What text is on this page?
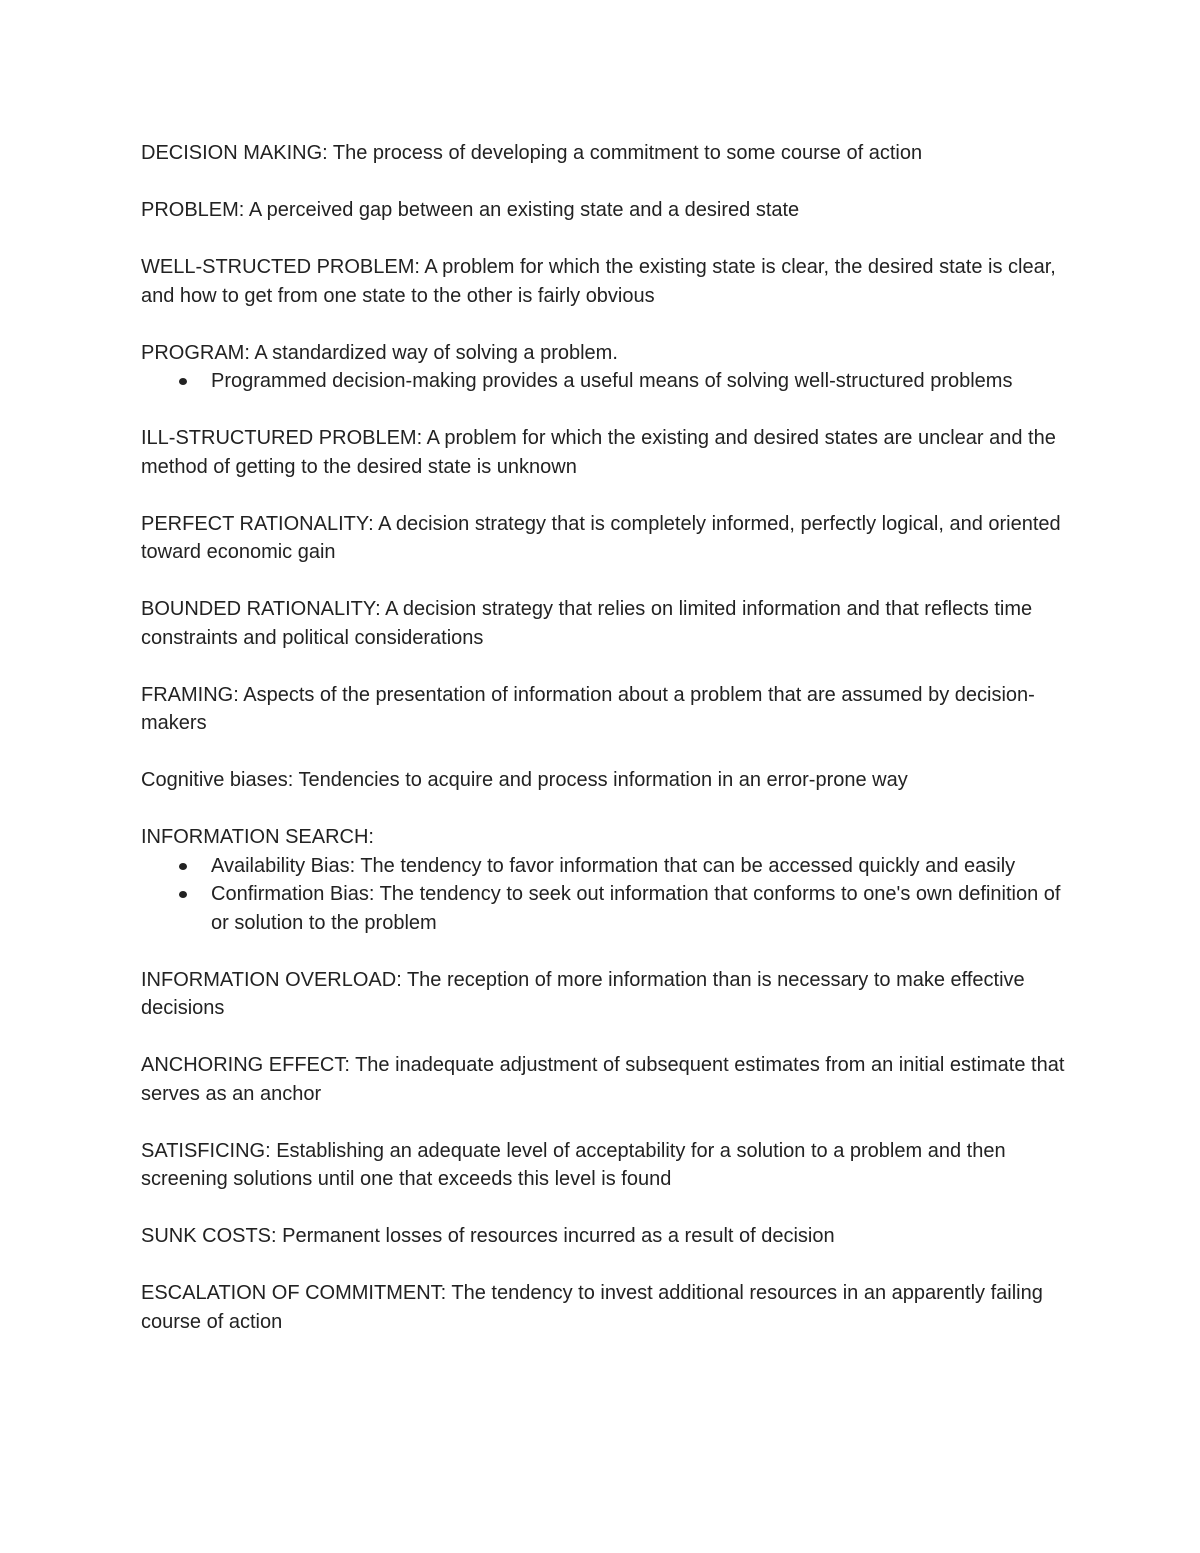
DECISION MAKING: The process of developing a commitment to some course of action

PROBLEM: A perceived gap between an existing state and a desired state

WELL-STRUCTED PROBLEM: A problem for which the existing state is clear, the desired state is clear, and how to get from one state to the other is fairly obvious

PROGRAM: A standardized way of solving a problem.

Programmed decision-making provides a useful means of solving well-structured problems

ILL-STRUCTURED PROBLEM: A problem for which the existing and desired states are unclear and the method of getting to the desired state is unknown

PERFECT RATIONALITY: A decision strategy that is completely informed, perfectly logical, and oriented toward economic gain

BOUNDED RATIONALITY: A decision strategy that relies on limited information and that reflects time constraints and political considerations

FRAMING: Aspects of the presentation of information about a problem that are assumed by decision-makers

Cognitive biases: Tendencies to acquire and process information in an error-prone way

INFORMATION SEARCH:

Availability Bias: The tendency to favor information that can be accessed quickly and easily
Confirmation Bias: The tendency to seek out information that conforms to one's own definition of or solution to the problem

INFORMATION OVERLOAD: The reception of more information than is necessary to make effective decisions

ANCHORING EFFECT: The inadequate adjustment of subsequent estimates from an initial estimate that serves as an anchor

SATISFICING: Establishing an adequate level of acceptability for a solution to a problem and then screening solutions until one that exceeds this level is found

SUNK COSTS: Permanent losses of resources incurred as a result of decision

ESCALATION OF COMMITMENT: The tendency to invest additional resources in an apparently failing course of action
